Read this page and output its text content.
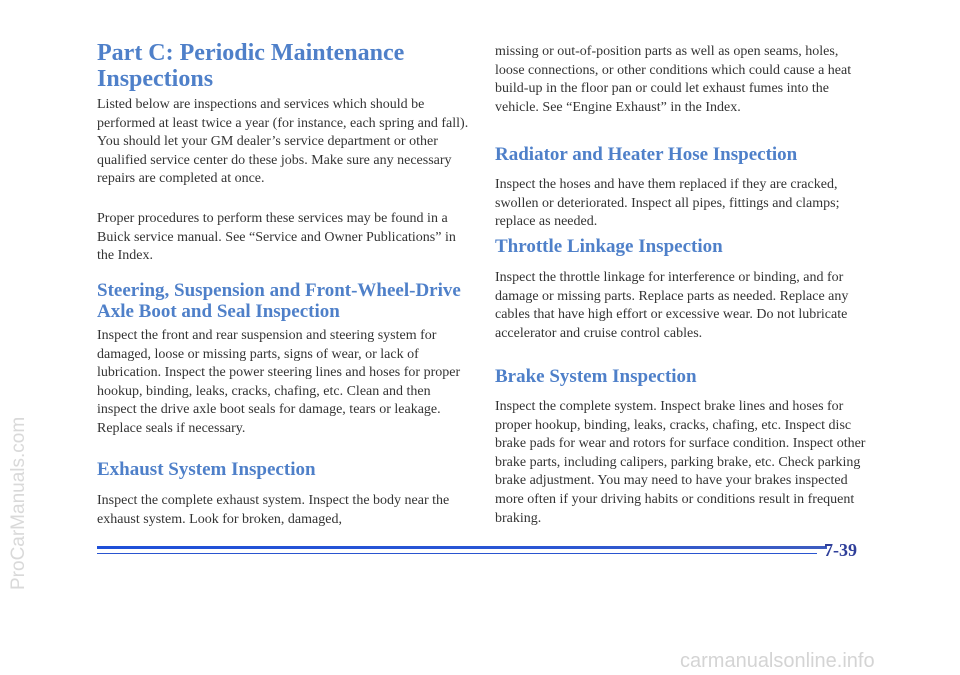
Part C: Periodic Maintenance Inspections

Listed below are inspections and services which should be performed at least twice a year (for instance, each spring and fall). You should let your GM dealer’s service department or other qualified service center do these jobs. Make sure any necessary repairs are completed at once.

Proper procedures to perform these services may be found in a Buick service manual. See “Service and Owner Publications” in the Index.

Steering, Suspension and Front-Wheel-Drive Axle Boot and Seal Inspection

Inspect the front and rear suspension and steering system for damaged, loose or missing parts, signs of wear, or lack of lubrication. Inspect the power steering lines and hoses for proper hookup, binding, leaks, cracks, chafing, etc. Clean and then inspect the drive axle boot seals for damage, tears or leakage. Replace seals if necessary.

Exhaust System Inspection

Inspect the complete exhaust system. Inspect the body near the exhaust system. Look for broken, damaged,

missing or out-of-position parts as well as open seams, holes, loose connections, or other conditions which could cause a heat build-up in the floor pan or could let exhaust fumes into the vehicle. See “Engine Exhaust” in the Index.

Radiator and Heater Hose Inspection

Inspect the hoses and have them replaced if they are cracked, swollen or deteriorated. Inspect all pipes, fittings and clamps; replace as needed.

Throttle Linkage Inspection

Inspect the throttle linkage for interference or binding, and for damage or missing parts. Replace parts as needed. Replace any cables that have high effort or excessive wear. Do not lubricate accelerator and cruise control cables.

Brake System Inspection

Inspect the complete system. Inspect brake lines and hoses for proper hookup, binding, leaks, cracks, chafing, etc. Inspect disc brake pads for wear and rotors for surface condition. Inspect other brake parts, including calipers, parking brake, etc. Check parking brake adjustment. You may need to have your brakes inspected more often if your driving habits or conditions result in frequent braking.

7-39
ProCarManuals.com
carmanualsonline.info
